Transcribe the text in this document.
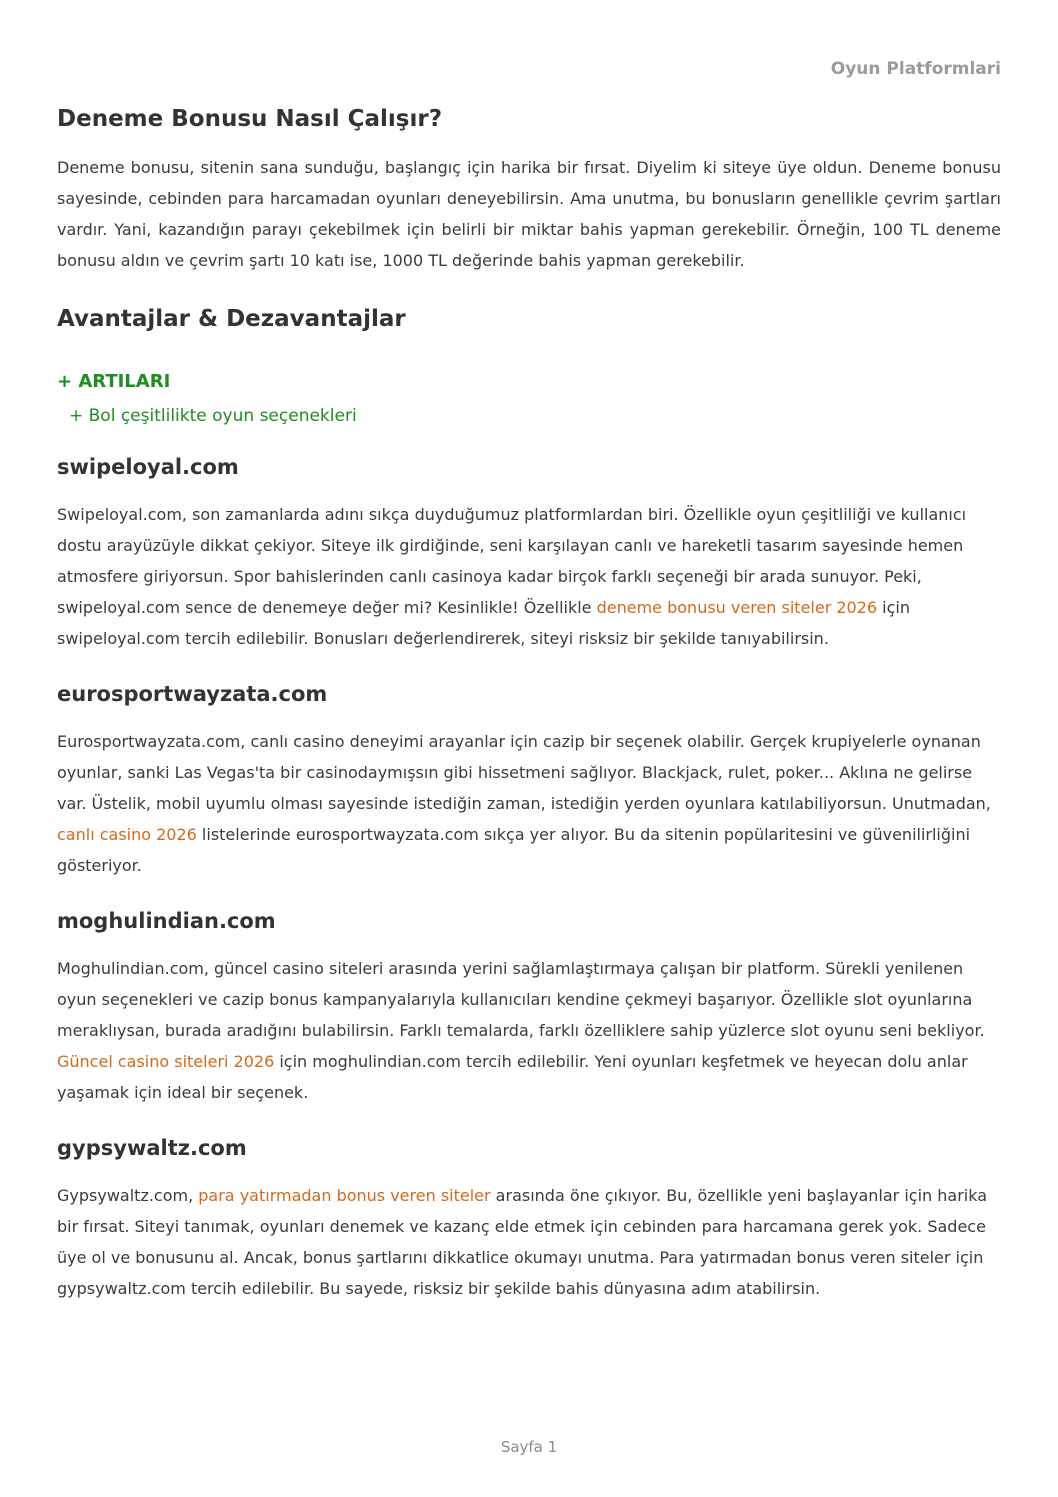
Oyun Platformlari
Deneme Bonusu Nasıl Çalışır?

Deneme bonusu, sitenin sana sunduğu, başlangıç için harika bir fırsat. Diyelim ki siteye üye oldun. Deneme bonusu sayesinde, cebinden para harcamadan oyunları deneyebilirsin. Ama unutma, bu bonusların genellikle çevrim şartları vardır. Yani, kazandığın parayı çekebilmek için belirli bir miktar bahis yapman gerekebilir. Örneğin, 100 TL deneme bonusu aldın ve çevrim şartı 10 katı ise, 1000 TL değerinde bahis yapman gerekebilir.

Avantajlar & Dezavantajlar
+ ARTILARI
+ Bol çeşitlilikte oyun seçenekleri
swipeloyal.com

Swipeloyal.com, son zamanlarda adını sıkça duyduğumuz platformlardan biri. Özellikle oyun çeşitliliği ve kullanıcı dostu arayüzüyle dikkat çekiyor. Siteye ilk girdiğinde, seni karşılayan canlı ve hareketli tasarım sayesinde hemen atmosfere giriyorsun. Spor bahislerinden canlı casinoya kadar birçok farklı seçeneği bir arada sunuyor. Peki, swipeloyal.com sence de denemeye değer mi? Kesinlikle! Özellikle deneme bonusu veren siteler 2026 için swipeloyal.com tercih edilebilir. Bonusları değerlendirerek, siteyi risksiz bir şekilde tanıyabilirsin.

eurosportwayzata.com

Eurosportwayzata.com, canlı casino deneyimi arayanlar için cazip bir seçenek olabilir. Gerçek krupiyelerle oynanan oyunlar, sanki Las Vegas'ta bir casinodaymışsın gibi hissetmeni sağlıyor. Blackjack, rulet, poker... Aklına ne gelirse var. Üstelik, mobil uyumlu olması sayesinde istediğin zaman, istediğin yerden oyunlara katılabiliyorsun. Unutmadan, canlı casino 2026 listelerinde eurosportwayzata.com sıkça yer alıyor. Bu da sitenin popülaritesini ve güvenilirliğini gösteriyor.

moghulindian.com

Moghulindian.com, güncel casino siteleri arasında yerini sağlamlaştırmaya çalışan bir platform. Sürekli yenilenen oyun seçenekleri ve cazip bonus kampanyalarıyla kullanıcıları kendine çekmeyi başarıyor. Özellikle slot oyunlarına meraklıysan, burada aradığını bulabilirsin. Farklı temalarda, farklı özelliklere sahip yüzlerce slot oyunu seni bekliyor. Güncel casino siteleri 2026 için moghulindian.com tercih edilebilir. Yeni oyunları keşfetmek ve heyecan dolu anlar yaşamak için ideal bir seçenek.

gypsywaltz.com

Gypsywaltz.com, para yatırmadan bonus veren siteler arasında öne çıkıyor. Bu, özellikle yeni başlayanlar için harika bir fırsat. Siteyi tanımak, oyunları denemek ve kazanç elde etmek için cebinden para harcamana gerek yok. Sadece üye ol ve bonusunu al. Ancak, bonus şartlarını dikkatlice okumayı unutma. Para yatırmadan bonus veren siteler için gypsywaltz.com tercih edilebilir. Bu sayede, risksiz bir şekilde bahis dünyasına adım atabilirsin.

Sayfa 1
